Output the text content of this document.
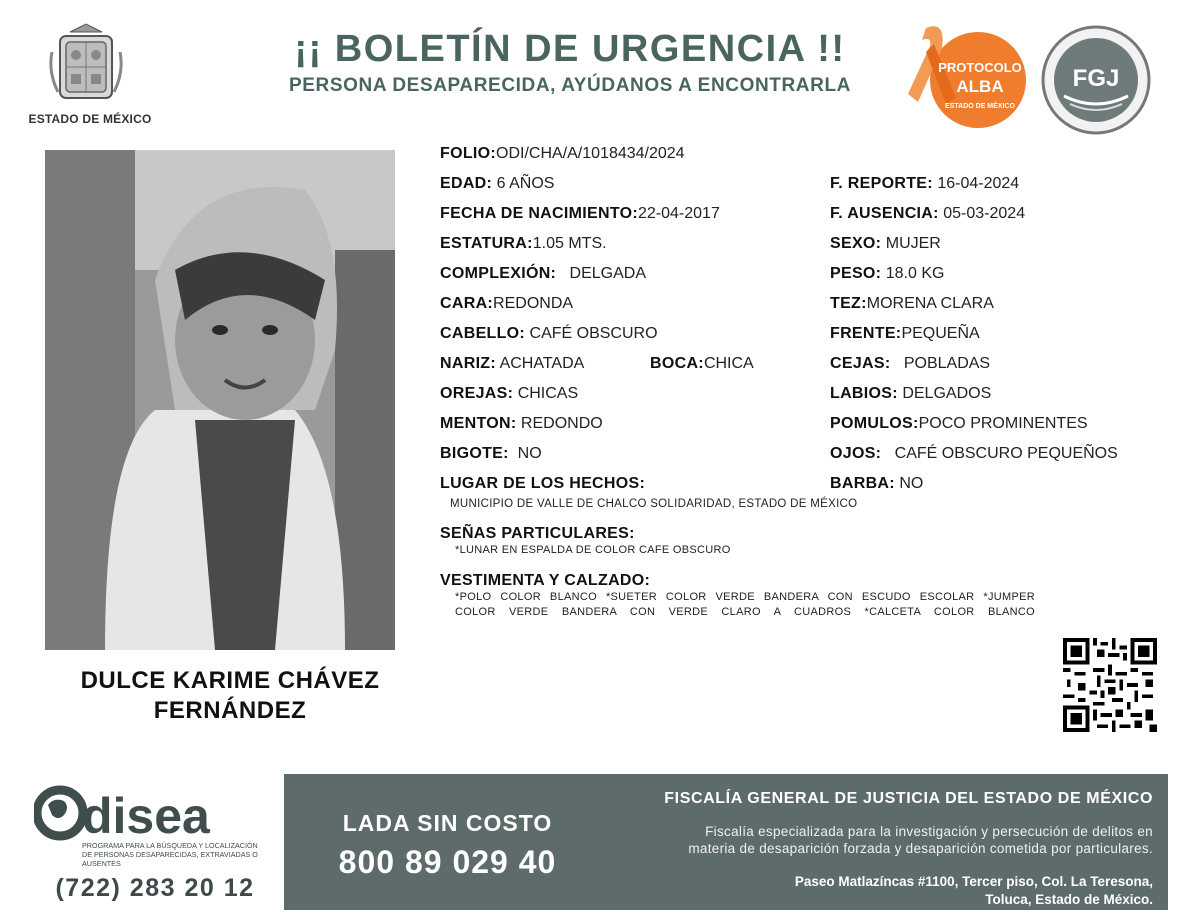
ESTADO DE MÉXICO
¡¡ BOLETÍN DE URGENCIA !!
PERSONA DESAPARECIDA, AYÚDANOS A ENCONTRARLA
PROTOCOLO
ALBA
ESTADO DE MÉXICO
FGJ
DULCE KARIME CHÁVEZ
FERNÁNDEZ
FOLIO:ODI/CHA/A/1018434/2024
EDAD: 6 AÑOS	F. REPORTE: 16-04-2024
FECHA DE NACIMIENTO:22-04-2017	F. AUSENCIA: 05-03-2024
ESTATURA:1.05 MTS.	SEXO: MUJER
COMPLEXIÓN: DELGADA	PESO: 18.0 KG
CARA:REDONDA	TEZ:MORENA CLARA
CABELLO: CAFÉ OBSCURO	FRENTE:PEQUEÑA
NARIZ: ACHATADA	BOCA:CHICA	CEJAS: POBLADAS
OREJAS: CHICAS	LABIOS: DELGADOS
MENTON: REDONDO	POMULOS:POCO PROMINENTES
BIGOTE: NO	OJOS: CAFÉ OBSCURO PEQUEÑOS
LUGAR DE LOS HECHOS:	BARBA: NO
MUNICIPIO DE VALLE DE CHALCO SOLIDARIDAD, ESTADO DE MÉXICO
SEÑAS PARTICULARES:
*LUNAR EN ESPALDA DE COLOR CAFE OBSCURO
VESTIMENTA Y CALZADO:
*POLO COLOR BLANCO *SUETER COLOR VERDE BANDERA CON ESCUDO ESCOLAR *JUMPER
COLOR VERDE BANDERA CON VERDE CLARO A CUADROS *CALCETA COLOR BLANCO
disea
PROGRAMA PARA LA BÚSQUEDA Y LOCALIZACIÓN
DE PERSONAS DESAPARECIDAS, EXTRAVIADAS O
AUSENTES
(722) 283 20 12
LADA SIN COSTO
800 89 029 40
FISCALÍA GENERAL DE JUSTICIA DEL ESTADO DE MÉXICO
Fiscalía especializada para la investigación y persecución de delitos en
materia de desaparición forzada y desaparición cometida por particulares.
Paseo Matlazíncas #1100, Tercer piso, Col. La Teresona,
Toluca, Estado de México.
